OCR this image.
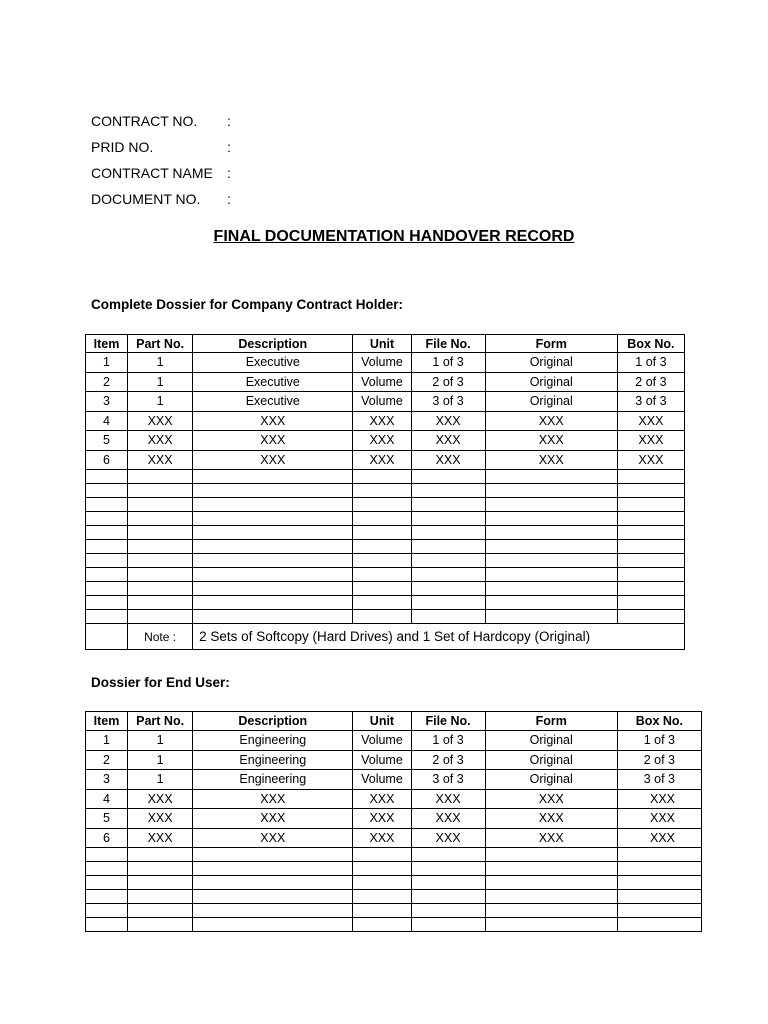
CONTRACT NO. :
PRID NO.	:
CONTRACT NAME :
DOCUMENT NO. :
FINAL DOCUMENTATION HANDOVER RECORD
Complete Dossier for Company Contract Holder:
Item	Part No.	Description	Unit	File No.	Form	Box No.
1	1	Executive	Volume	1 of 3	Original	1 of 3
2	1	Executive	Volume	2 of 3	Original	2 of 3
3	1	Executive	Volume	3 of 3	Original	3 of 3
4	XXX	XXX	XXX	XXX	XXX	XXX
5	XXX	XXX	XXX	XXX	XXX	XXX
6	XXX	XXX	XXX	XXX	XXX	XXX

	Note :	2 Sets of Softcopy (Hard Drives) and 1 Set of Hardcopy (Original)				
Dossier for End User:
Item	Part No.	Description	Unit	File No.	Form	Box No.
1	1	Engineering	Volume	1 of 3	Original	1 of 3
2	1	Engineering	Volume	2 of 3	Original	2 of 3
3	1	Engineering	Volume	3 of 3	Original	3 of 3
4	XXX	XXX	XXX	XXX	XXX	XXX
5	XXX	XXX	XXX	XXX	XXX	XXX
6	XXX	XXX	XXX	XXX	XXX	XXX
